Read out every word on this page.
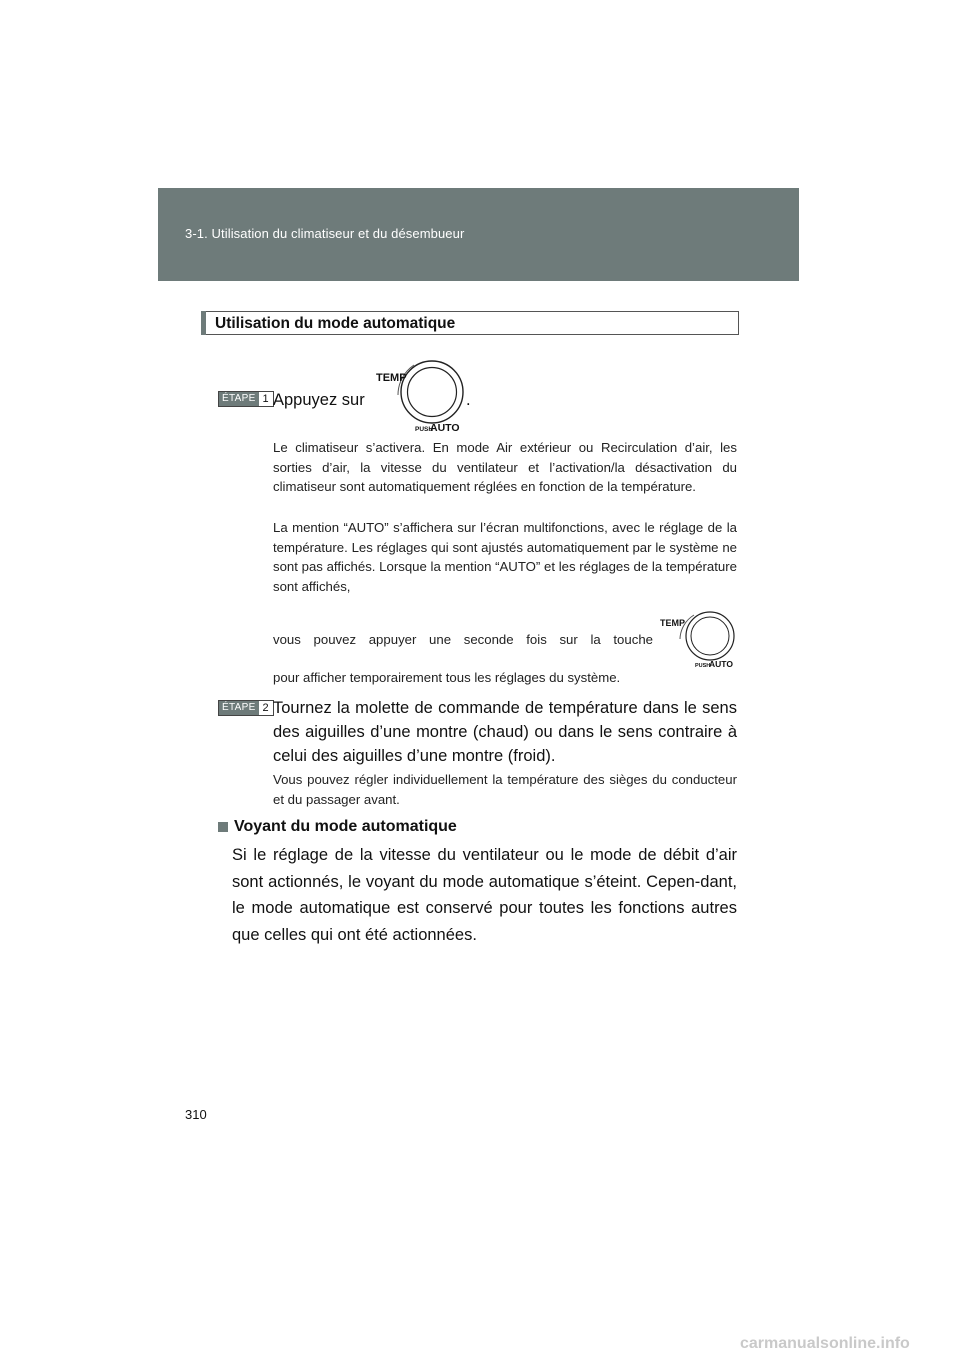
3-1. Utilisation du climatiseur et du désembueur
Utilisation du mode automatique
ÉTAPE 1 Appuyez sur

TEMP
PUSH
AUTO
.

Le climatiseur s’activera. En mode Air extérieur ou Recirculation d’air, les sorties d’air, la vitesse du ventilateur et l’activation/la désactivation du climatiseur sont automatiquement réglées en fonction de la température.

La mention “AUTO” s’affichera sur l’écran multifonctions, avec le réglage de la température. Les réglages qui sont ajustés automatiquement par le système ne sont pas affichés. Lorsque la mention “AUTO” et les réglages de la température sont affichés,

vous pouvez appuyer une seconde fois sur la touche

TEMP
PUSH
AUTO

pour afficher temporairement tous les réglages du système.

ÉTAPE 2 Tournez la molette de commande de température dans le sens des aiguilles d’une montre (chaud) ou dans le sens contraire à celui des aiguilles d’une montre (froid).

Vous pouvez régler individuellement la température des sièges du conducteur et du passager avant.

Voyant du mode automatique

Si le réglage de la vitesse du ventilateur ou le mode de débit d’air sont actionnés, le voyant du mode automatique s’éteint. Cepen-dant, le mode automatique est conservé pour toutes les fonctions autres que celles qui ont été actionnées.

310
carmanualsonline.info
